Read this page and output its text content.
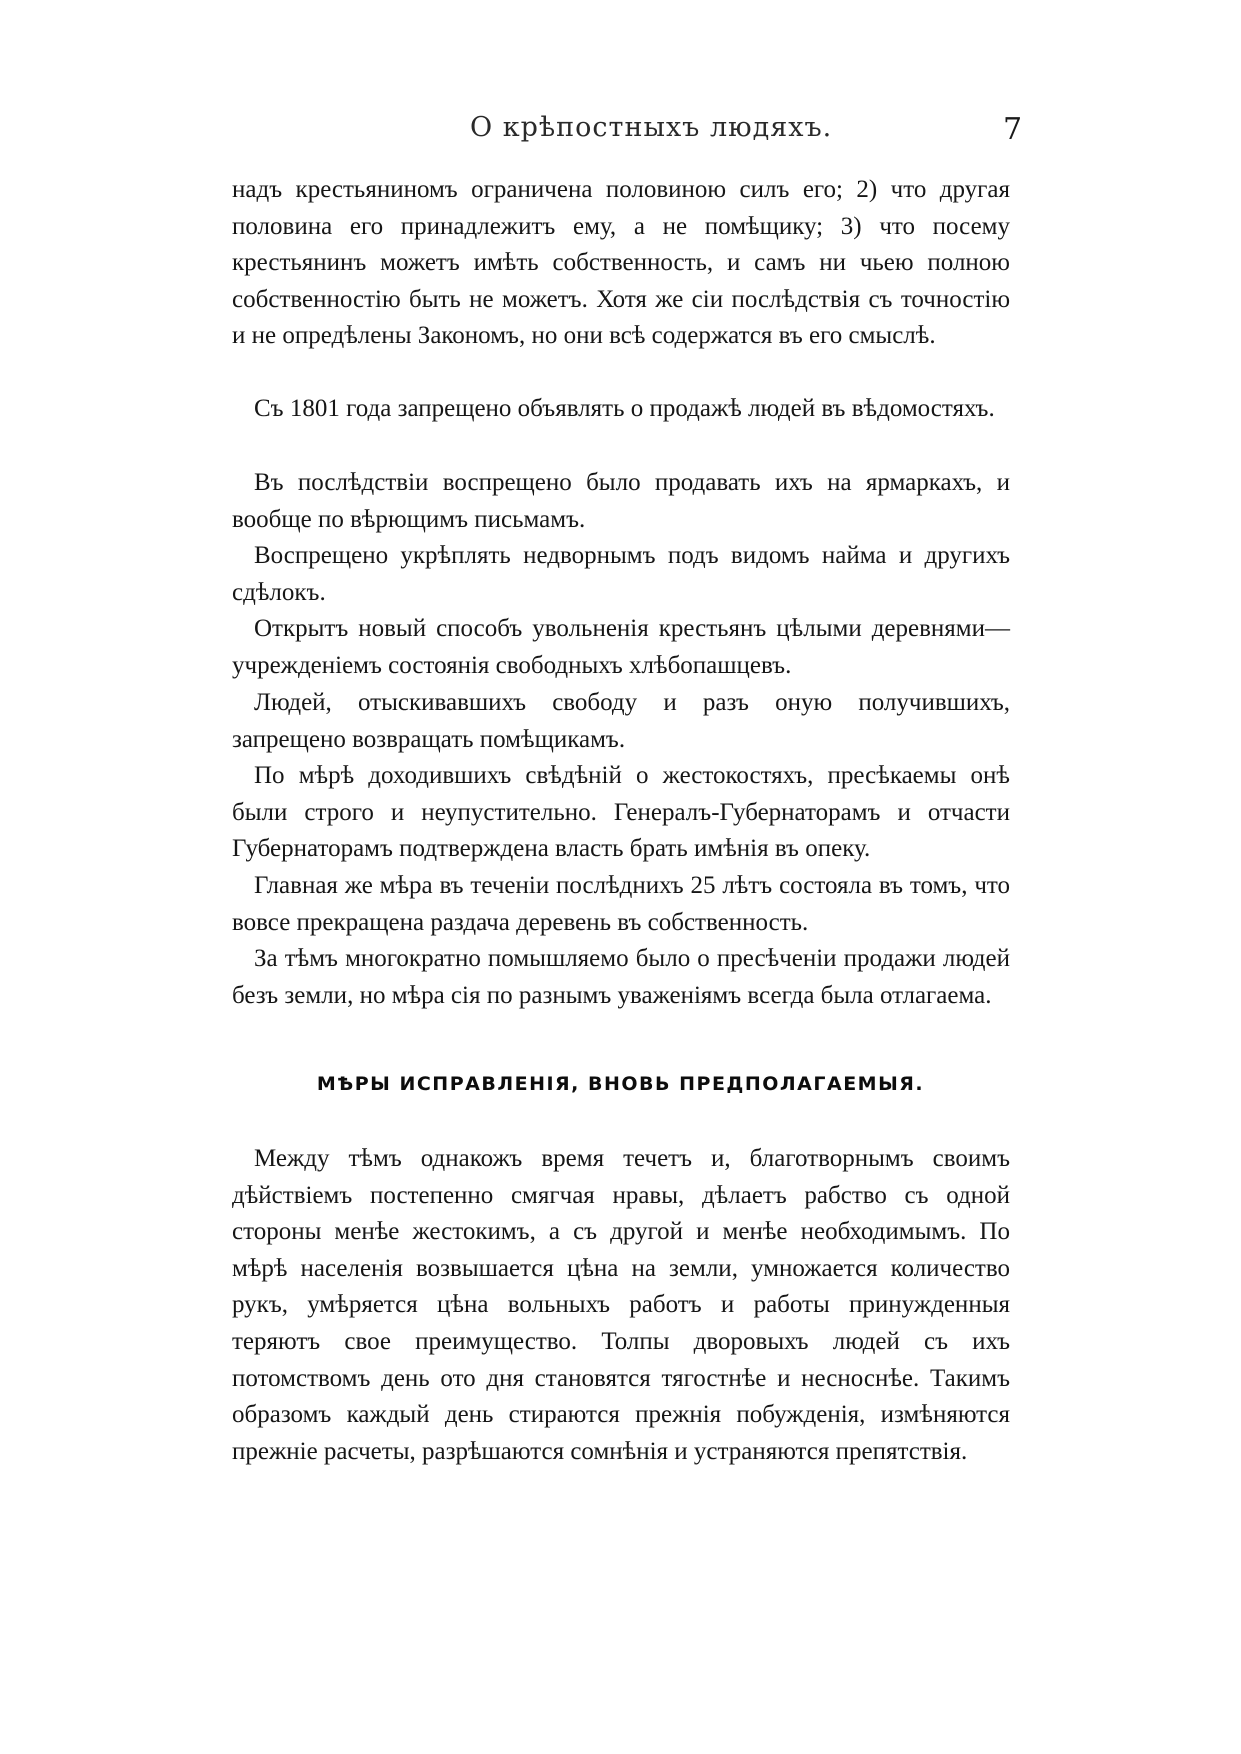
О крѣпостныхъ людяхъ.	7

надъ крестьяниномъ ограничена половиною силъ его; 2) что другая половина его принадлежитъ ему, а не помѣщику; 3) что посему крестьянинъ можетъ имѣть собственность, и самъ ни чьею полною собственностію быть не можетъ. Хотя же сіи послѣдствія съ точностію и не опредѣлены Закономъ, но они всѣ содержатся въ его смыслѣ.

Съ 1801 года запрещено объявлять о продажѣ людей въ вѣдомостяхъ.

Въ послѣдствіи воспрещено было продавать ихъ на ярмаркахъ, и вообще по вѣрющимъ письмамъ.

Воспрещено укрѣплять недворнымъ подъ видомъ найма и другихъ сдѣлокъ.

Открытъ новый способъ увольненія крестьянъ цѣлыми деревнями—учрежденіемъ состоянія свободныхъ хлѣбопашцевъ.

Людей, отыскивавшихъ свободу и разъ оную получившихъ, запрещено возвращать помѣщикамъ.

По мѣрѣ доходившихъ свѣдѣній о жестокостяхъ, пресѣкаемы онѣ были строго и неупустительно. Генералъ-Губернаторамъ и отчасти Губернаторамъ подтверждена власть брать имѣнія въ опеку.

Главная же мѣра въ теченіи послѣднихъ 25 лѣтъ состояла въ томъ, что вовсе прекращена раздача деревень въ собственность.

За тѣмъ многократно помышляемо было о пресѣченіи продажи людей безъ земли, но мѣра сія по разнымъ уваженіямъ всегда была отлагаема.

МѢРЫ ИСПРАВЛЕНІЯ, ВНОВЬ ПРЕДПОЛАГАЕМЫЯ.

Между тѣмъ однакожъ время течетъ и, благотворнымъ своимъ дѣйствіемъ постепенно смягчая нравы, дѣлаетъ рабство съ одной стороны менѣе жестокимъ, а съ другой и менѣе необходимымъ. По мѣрѣ населенія возвышается цѣна на земли, умножается количество рукъ, умѣряется цѣна вольныхъ работъ и работы принужденныя теряютъ свое преимущество. Толпы дворовыхъ людей съ ихъ потомствомъ день ото дня становятся тягостнѣе и несноснѣе. Такимъ образомъ каждый день стираются прежнія побужденія, измѣняются прежніе расчеты, разрѣшаются сомнѣнія и устраняются препятствія.
